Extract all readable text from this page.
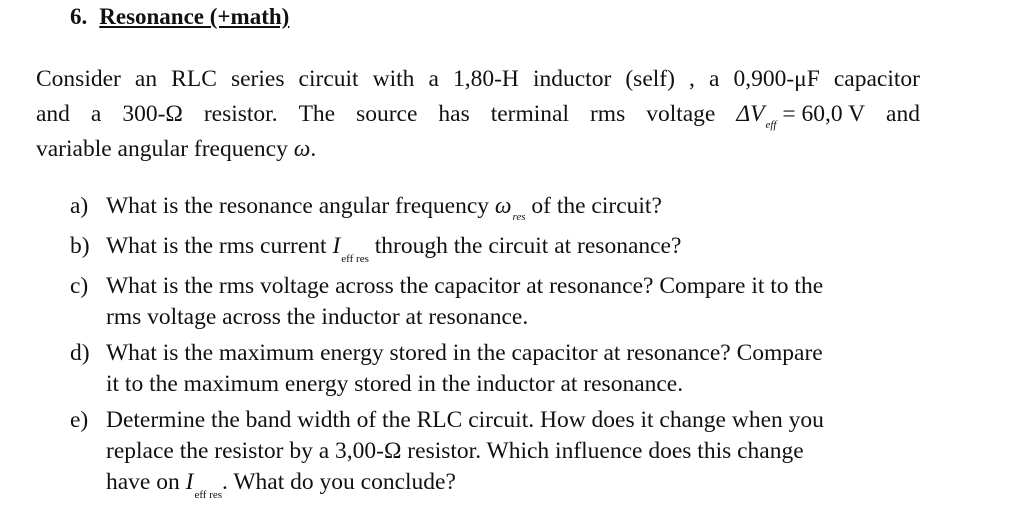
6. Resonance (+math)
Consider an RLC series circuit with a 1,80-H inductor (self) , a 0,900-μF capacitor
and a 300-Ω resistor. The source has terminal rms voltage $\Delta V_{eff} = 60,0$ V and
variable angular frequency ω.
a) What is the resonance angular frequency $\omega_{res}$ of the circuit?
b) What is the rms current $I_{eff res}$ through the circuit at resonance?
c) What is the rms voltage across the capacitor at resonance? Compare it to the
rms voltage across the inductor at resonance.
d) What is the maximum energy stored in the capacitor at resonance? Compare
it to the maximum energy stored in the inductor at resonance.
e) Determine the band width of the RLC circuit. How does it change when you
replace the resistor by a 3,00-Ω resistor. Which influence does this change
have on $I_{eff res}$. What do you conclude?
